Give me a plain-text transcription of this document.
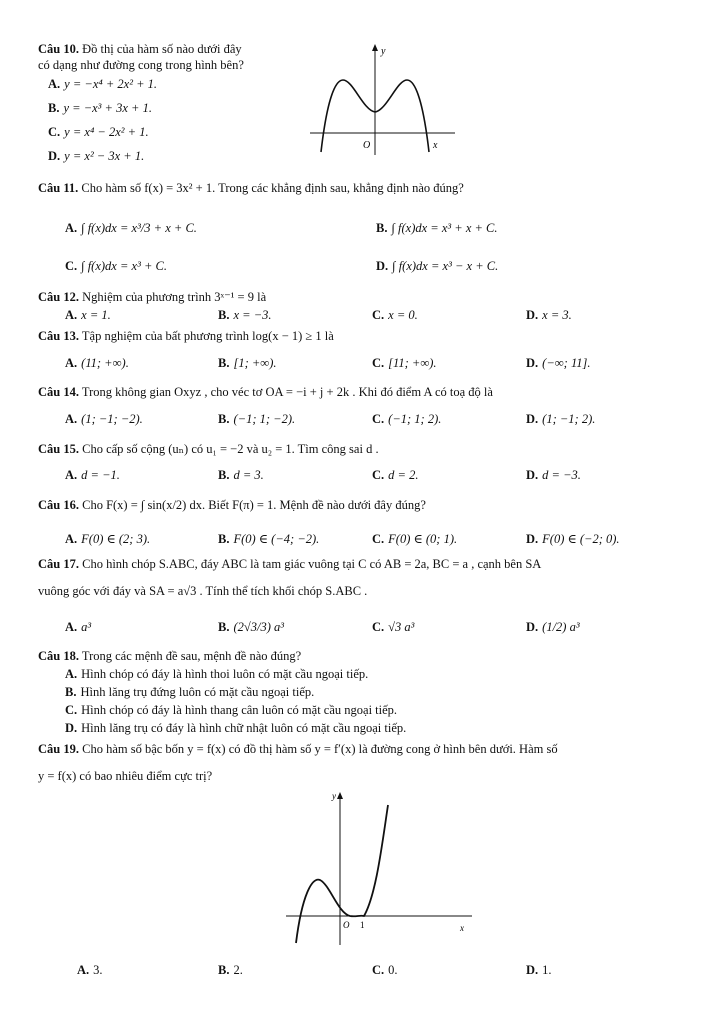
Câu 10. Đồ thị của hàm số nào dưới đây
có dạng như đường cong trong hình bên?
A. y = −x⁴ + 2x² + 1.
B. y = −x³ + 3x + 1.
C. y = x⁴ − 2x² + 1.
D. y = x² − 3x + 1.
y
x
O
Câu 11. Cho hàm số f(x) = 3x² + 1. Trong các khẳng định sau, khẳng định nào đúng?
A. ∫ f(x)dx = x³/3 + x + C.	B. ∫ f(x)dx = x³ + x + C.
C. ∫ f(x)dx = x³ + C.	D. ∫ f(x)dx = x³ − x + C.
Câu 12. Nghiệm của phương trình 3ˣ⁻¹ = 9 là
A. x = 1.	B. x = −3.	C. x = 0.	D. x = 3.
Câu 13. Tập nghiệm của bất phương trình log(x − 1) ≥ 1 là
A. (11; +∞).	B. [1; +∞).	C. [11; +∞).	D. (−∞; 11].
Câu 14. Trong không gian Oxyz , cho véc tơ OA = −i + j + 2k . Khi đó điểm A có toạ độ là
A. (1; −1; −2).	B. (−1; 1; −2).	C. (−1; 1; 2).	D. (1; −1; 2).
Câu 15. Cho cấp số cộng (uₙ) có u₁ = −2 và u₂ = 1. Tìm công sai d .
A. d = −1.	B. d = 3.	C. d = 2.	D. d = −3.
Câu 16. Cho F(x) = ∫ sin(x/2) dx. Biết F(π) = 1. Mệnh đề nào dưới đây đúng?
A. F(0) ∈ (2; 3).	B. F(0) ∈ (−4; −2).	C. F(0) ∈ (0; 1).	D. F(0) ∈ (−2; 0).
Câu 17. Cho hình chóp S.ABC, đáy ABC là tam giác vuông tại C có AB = 2a, BC = a , cạnh bên SA
vuông góc với đáy và SA = a√3 . Tính thể tích khối chóp S.ABC .
A. a³	B. (2√3/3) a³	C. √3 a³	D. (1/2) a³
Câu 18. Trong các mệnh đề sau, mệnh đề nào đúng?
A. Hình chóp có đáy là hình thoi luôn có mặt cầu ngoại tiếp.
B. Hình lăng trụ đứng luôn có mặt cầu ngoại tiếp.
C. Hình chóp có đáy là hình thang cân luôn có mặt cầu ngoại tiếp.
D. Hình lăng trụ có đáy là hình chữ nhật luôn có mặt cầu ngoại tiếp.
Câu 19. Cho hàm số bậc bốn y = f(x) có đồ thị hàm số y = f′(x) là đường cong ở hình bên dưới. Hàm số
y = f(x) có bao nhiêu điểm cực trị?
y
x
O 1
A. 3.	B. 2.	C. 0.	D. 1.
